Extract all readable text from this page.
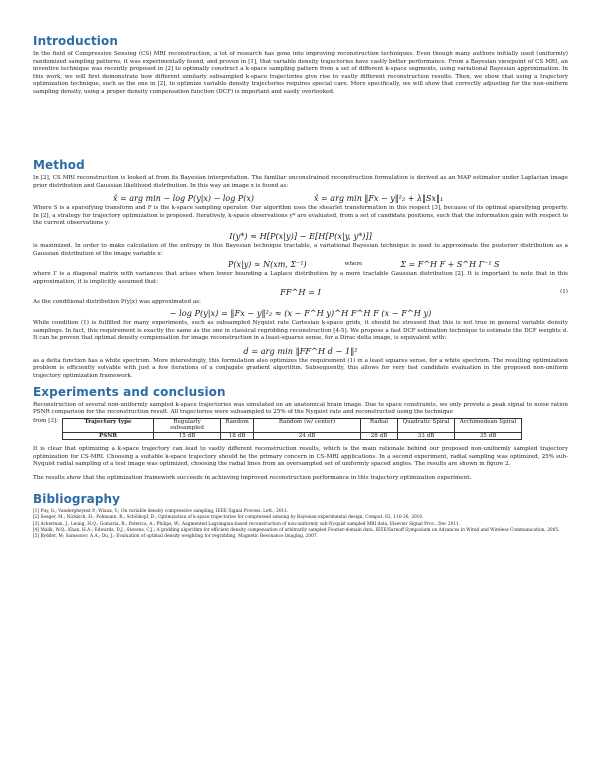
Introduction

In the field of Compressive Sensing (CS) MRI reconstruction, a lot of research has gone into improving reconstruction techniques. Even though many authors initially used (uniformly) randomized sampling patterns, it was experimentally found, and proven in [1], that variable density trajectories have vastly better performance. From a Bayesian viewpoint of CS MRI, an inventive technique was recently proposed in [2] to optimally construct a k-space sampling pattern from a set of different k-space segments, using variational Bayesian approximation. In this work, we will first demonstrate how different similarly subsampled k-space trajectories give rise to vastly different reconstruction results. Then, we show that using a trajectory optimization technique, such as the one in [2], to optimize variable density trajectories requires special care. More specifically, we will show that correctly adjusting for the non-uniform sampling density, using a proper density compensation function (DCF) is important and easily overlooked.

Method

In [2], CS MRI reconstruction is looked at from its Bayesian interpretation. The familiar unconstrained reconstruction formulation is derived as an MAP estimator under Laplacian image prior distribution and Gaussian likelihood distribution. In this way an image x is found as:

x̂ = arg min − log P(y|x) − log P(x)	x̂ = arg min ‖Fx − y‖²₂ + λ‖Sx‖₁

Where S is a sparsifying transform and F is the k-space sampling operator. Our algorithm uses the shearlet transformation in this respect [3], because of its optimal sparsifying property. In [2], a strategy for trajectory optimization is proposed. Iteratively, k-space observations y* are evaluated, from a set of candidate positions, such that the information gain with respect to the current observations y:

I(y*) ≈ H[P(x|y)] − E[H[P(x|y, y*)]]

is maximized. In order to make calculation of the entropy in this Bayesian technique tractable, a variational Bayesian technique is used to approximate the posterior distribution as a Gaussian distribution of the image variable x:

P(x|y) ≈ N(xm, Σ⁻¹)	where	Σ = F^H F + S^H Γ⁻¹ S

where Γ is a diagonal matrix with variances that arises when lower bounding a Laplace distribution by a more tractable Gaussian distribution [2]. It is important to note that in this approximation, it is implicitly assumed that:

FF^H = I	(1)

As the conditional distribution P(y|x) was approximated as:

− log P(y|x) = ‖Fx − y‖²₂ ≈ (x − F^H y)^H F^H F (x − F^H y)

While condition (1) is fulfilled for many experiments, such as subsampled Nyquist rate Cartesian k-space grids, it should be stressed that this is not true in general variable density samplings. In fact, this requirement is exactly the same as the one in classical regridding reconstruction [4-5]. We propose a fast DCF estimation technique to estimate the DCF weights d. It can be proven that optimal density compensation for image reconstruction in a least-squares sense, for a Dirac delta image, is equivalent with:

d = arg min ‖FF^H d − 1‖²

as a delta function has a white spectrum. More interestingly, this formulation also optimizes the requirement (1) in a least squares sense, for a white spectrum. The resulting optimization problem is efficiently solvable with just a few iterations of a conjugate gradient algorithm. Subsequently, this allows for very fast candidate evaluation in the proposed non-uniform trajectory optimization framework.

Experiments and conclusion

Reconstruction of several non-uniformly sampled k-space trajectories was simulated on an anatomical brain image. Due to space constraints, we only provide a peak signal to noise ration PSNR comparison for the reconstruction result. All trajectories were subsampled to 25% of the Nyquist rate and reconstructed using the technique

from [3]:	Trajectory type	Regularly subsampled	Random	Random (w/ center)	Radial	Quadratic Spiral	Archimedean Spiral
PSNR	15 dB	18 dB	24 dB	28 dB	33 dB	35 dB

It is clear that optimizing a k-space trajectory can lead to vastly different reconstruction results, which is the main rationale behind our proposed non-uniformly sampled trajectory optimization for CS-MRI. Choosing a suitable k-space trajectory should be the primary concern in CS-MRI applications. In a second experiment, radial sampling was optimized, 25% sub-Nyquist radial sampling of a test image was optimized, choosing the radial lines from an oversampled set of uniformly spaced angles. The results are shown in figure 2.

The results show that the optimization framework succeeds in achieving improved reconstruction performance in this trajectory optimization experiment.

Bibliography

[1] Puy, G.; Vandergheynst P.; Wiaux, Y.; On variable density compressive sampling, IEEE Signal Process. Lett., 2011.

[2] Seeger, M.; Nickisch, H.; Pohmann, R.; Schölkopf, B.; Optimization of k-space trajectories for compressed sensing by Bayesian experimental design, Comput. 63, 116-26, 2010.

[3] Ackerman, J.; Leung, H.Q.; Gomaria, B.; Paterica, A.; Philips, W.; Augmented Lagrangian-based reconstruction of non-uniformly sub-Nyquist sampled MRI data, Elsevier Signal Proc., Dec 2011.

[4] Malik, W.Q.; Khan, H.A.; Edwards, D.J.; Stevens, C.J.; A gridding algorithm for efficient density compensation of arbitrarily sampled Fourier-domain data, IEEE/Sarnoff Symposium on Advances in Wired and Wireless Communication. 2005.

[5] Bydder, M; Samsonov, A.A.; Du, J.; Evaluation of optimal density weighting for regridding, Magnetic Resonance Imaging, 2007.
